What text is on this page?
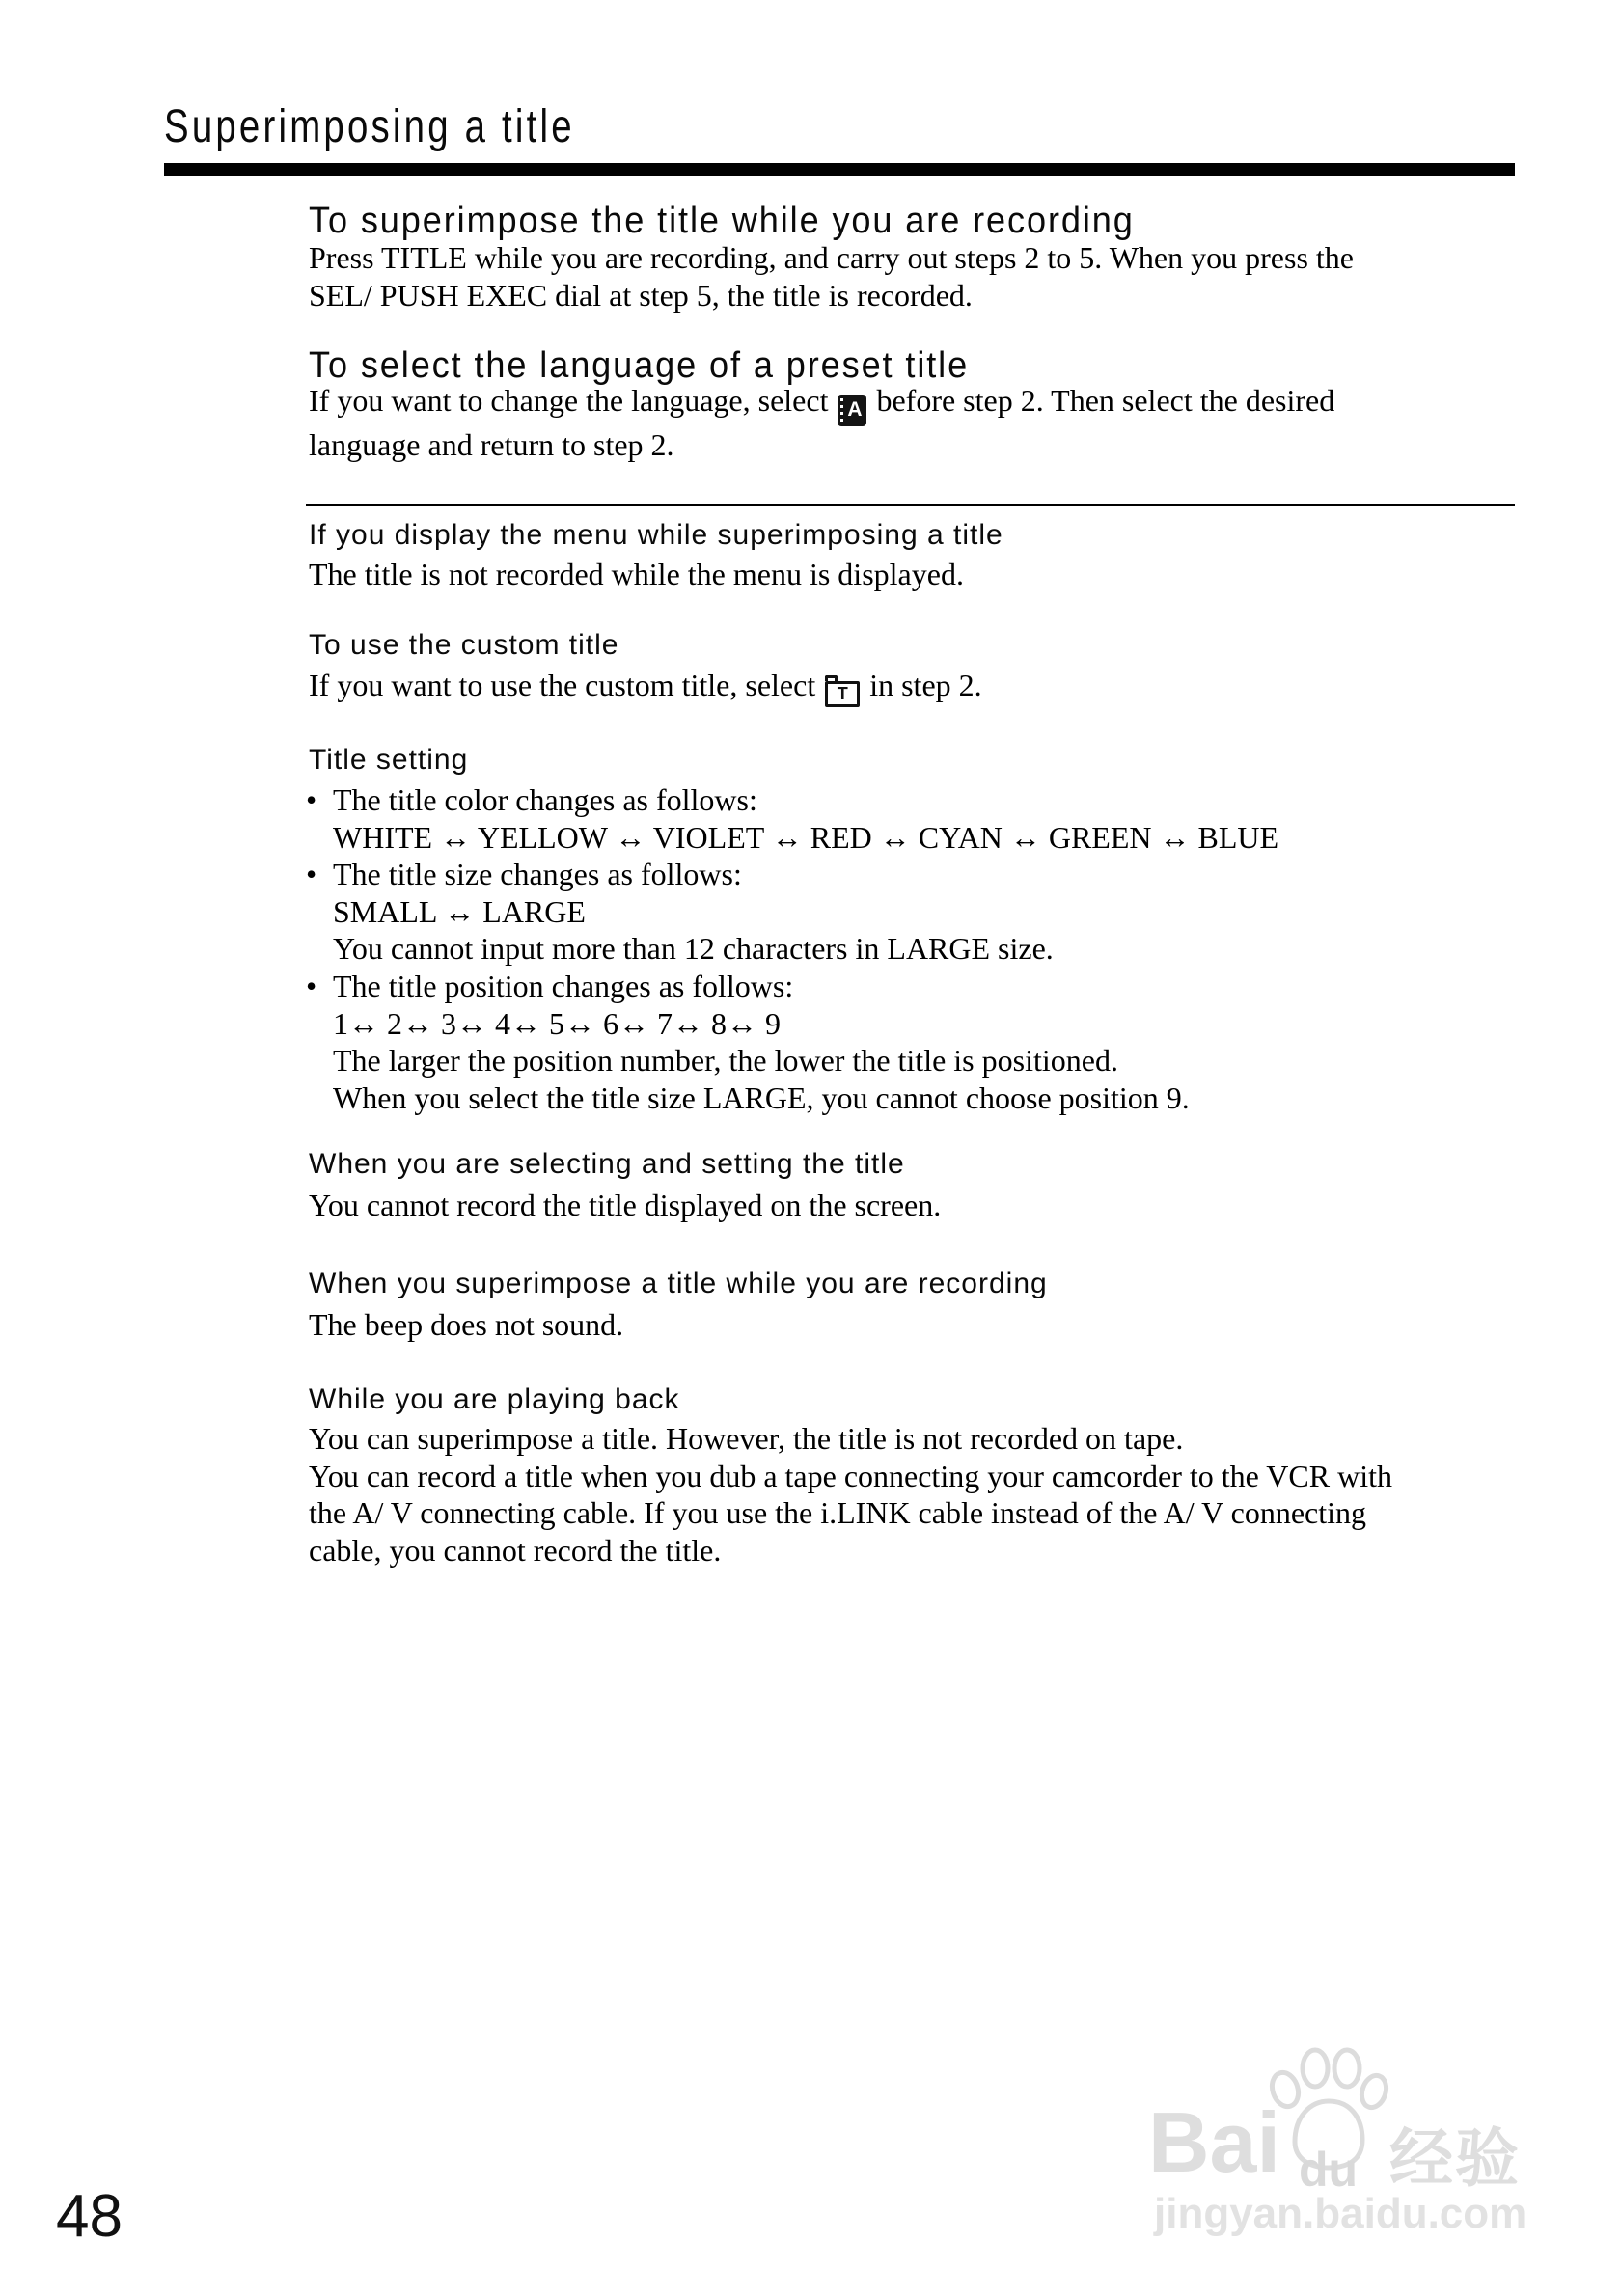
Superimposing a title
To superimpose the title while you are recording
Press TITLE while you are recording, and carry out steps 2 to 5. When you press the
SEL/ PUSH EXEC dial at step 5, the title is recorded.
To select the language of a preset title
If you want to change the language, select A before step 2. Then select the desired
language and return to step 2.
If you display the menu while superimposing a title
The title is not recorded while the menu is displayed.
To use the custom title
If you want to use the custom title, select T in step 2.
Title setting
• The title color changes as follows:
WHITE ↔ YELLOW ↔ VIOLET ↔ RED ↔ CYAN ↔ GREEN ↔ BLUE
• The title size changes as follows:
SMALL ↔ LARGE
You cannot input more than 12 characters in LARGE size.
• The title position changes as follows:
1↔ 2↔ 3↔ 4↔ 5↔ 6↔ 7↔ 8↔ 9
The larger the position number, the lower the title is positioned.
When you select the title size LARGE, you cannot choose position 9.
When you are selecting and setting the title
You cannot record the title displayed on the screen.
When you superimpose a title while you are recording
The beep does not sound.
While you are playing back
You can superimpose a title. However, the title is not recorded on tape.
You can record a title when you dub a tape connecting your camcorder to the VCR with
the A/ V connecting cable. If you use the i.LINK cable instead of the A/ V connecting
cable, you cannot record the title.
48
Bai du 经验
jingyan.baidu.com
